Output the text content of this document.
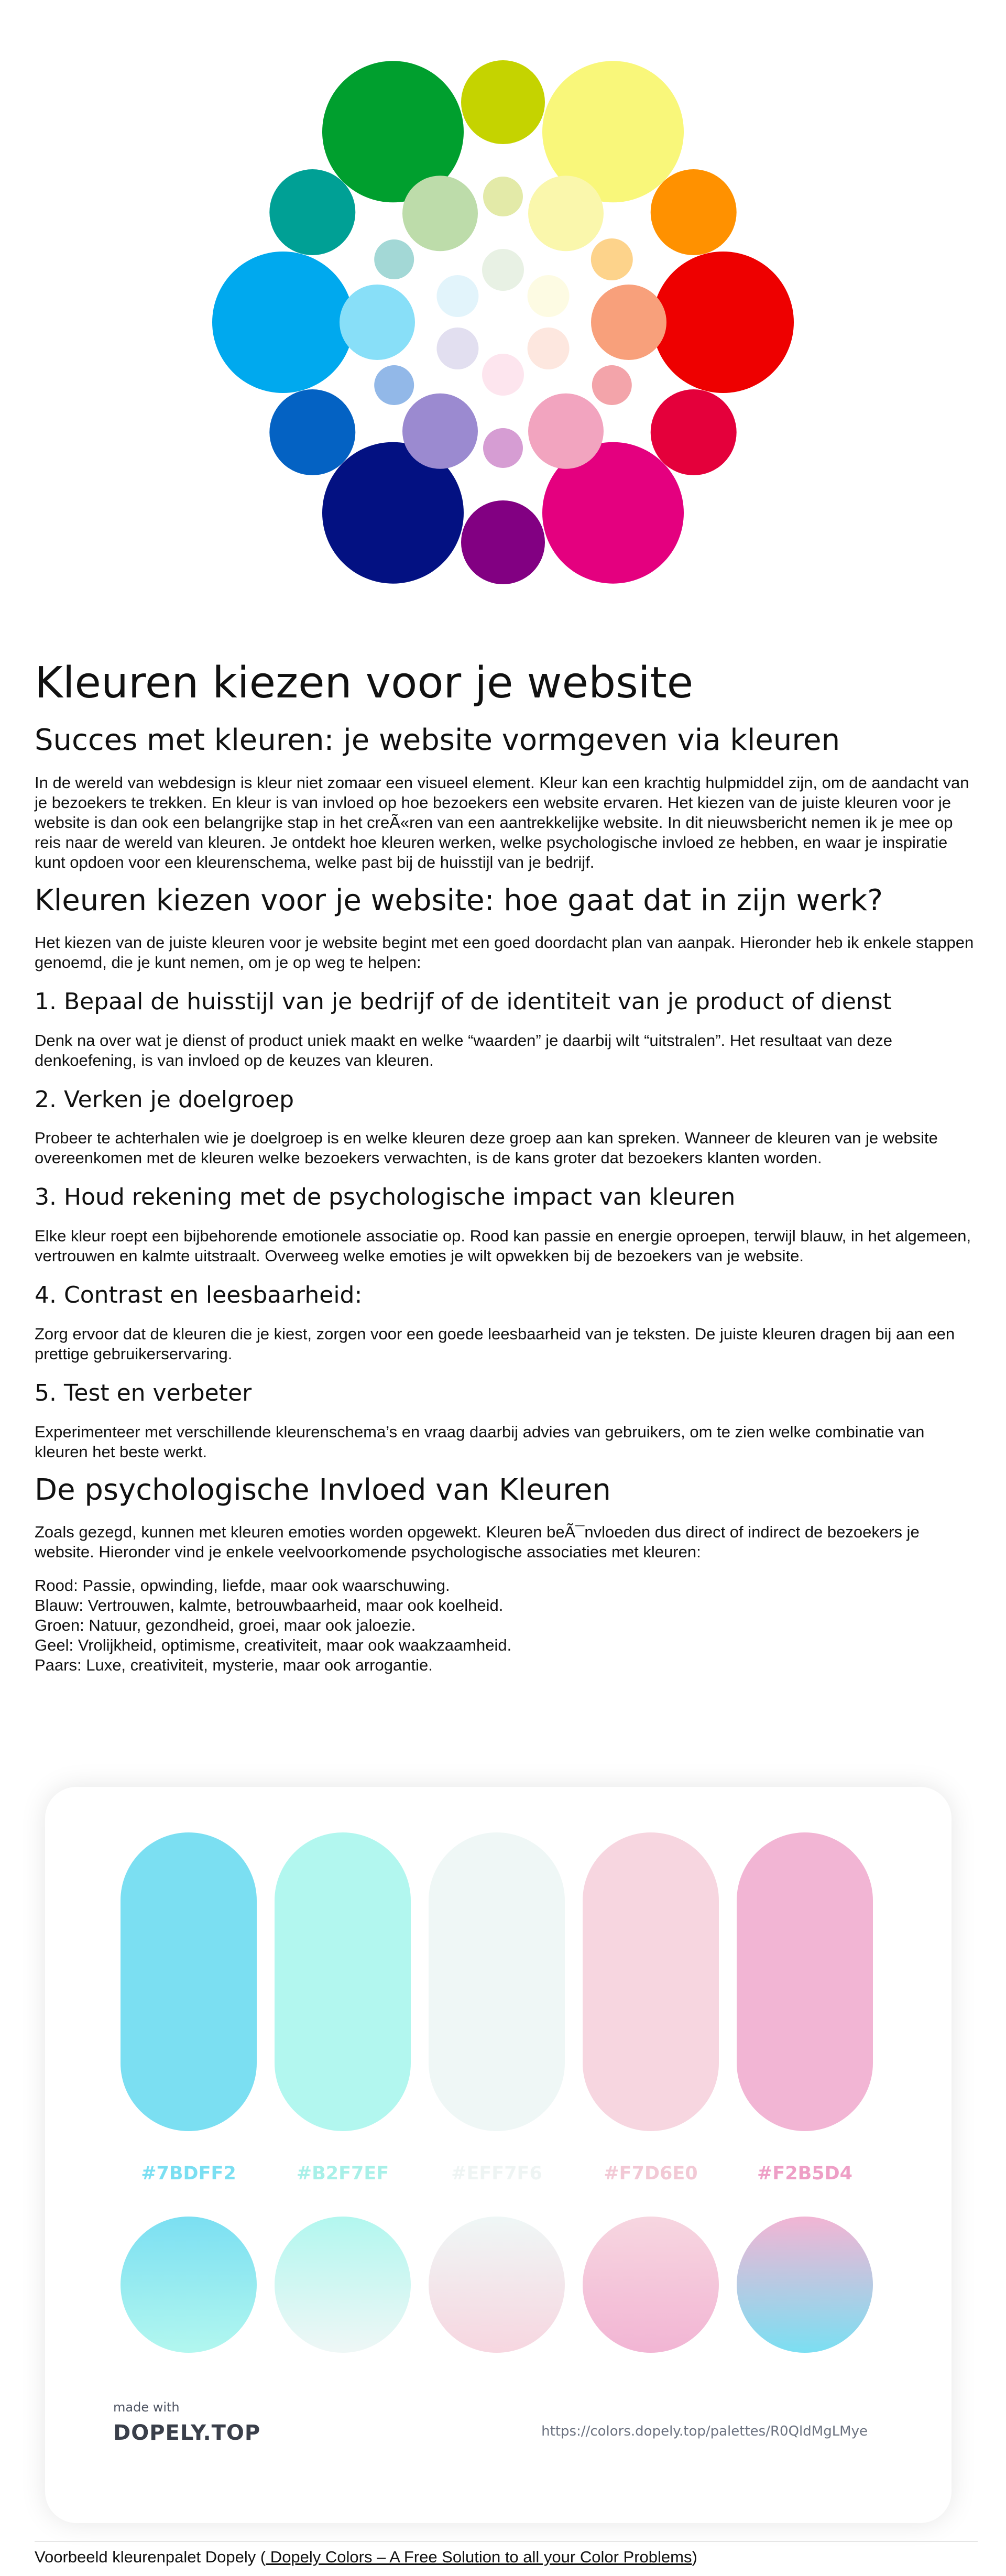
Kleuren kiezen voor je website
Succes met kleuren: je website vormgeven via kleuren

In de wereld van webdesign is kleur niet zomaar een visueel element. Kleur kan een krachtig hulpmiddel zijn, om de aandacht van je bezoekers te trekken. En kleur is van invloed op hoe bezoekers een website ervaren. Het kiezen van de juiste kleuren voor je website is dan ook een belangrijke stap in het creÃ«ren van een aantrekkelijke website. In dit nieuwsbericht nemen ik je mee op reis naar de wereld van kleuren. Je ontdekt hoe kleuren werken, welke psychologische invloed ze hebben, en waar je inspiratie kunt opdoen voor een kleurenschema, welke past bij de huisstijl van je bedrijf.

Kleuren kiezen voor je website: hoe gaat dat in zijn werk?

Het kiezen van de juiste kleuren voor je website begint met een goed doordacht plan van aanpak. Hieronder heb ik enkele stappen genoemd, die je kunt nemen, om je op weg te helpen:

1. Bepaal de huisstijl van je bedrijf of de identiteit van je product of dienst

Denk na over wat je dienst of product uniek maakt en welke “waarden” je daarbij wilt “uitstralen”. Het resultaat van deze denkoefening, is van invloed op de keuzes van kleuren.

2. Verken je doelgroep

Probeer te achterhalen wie je doelgroep is en welke kleuren deze groep aan kan spreken. Wanneer de kleuren van je website overeenkomen met de kleuren welke bezoekers verwachten, is de kans groter dat bezoekers klanten worden.

3. Houd rekening met de psychologische impact van kleuren

Elke kleur roept een bijbehorende emotionele associatie op. Rood kan passie en energie oproepen, terwijl blauw, in het algemeen, vertrouwen en kalmte uitstraalt. Overweeg welke emoties je wilt opwekken bij de bezoekers van je website.

4. Contrast en leesbaarheid:

Zorg ervoor dat de kleuren die je kiest, zorgen voor een goede leesbaarheid van je teksten. De juiste kleuren dragen bij aan een prettige gebruikerservaring.

5. Test en verbeter

Experimenteer met verschillende kleurenschema’s en vraag daarbij advies van gebruikers, om te zien welke combinatie van kleuren het beste werkt.

De psychologische Invloed van Kleuren

Zoals gezegd, kunnen met kleuren emoties worden opgewekt. Kleuren beÃ¯nvloeden dus direct of indirect de bezoekers je website. Hieronder vind je enkele veelvoorkomende psychologische associaties met kleuren:

Rood: Passie, opwinding, liefde, maar ook waarschuwing.
Blauw: Vertrouwen, kalmte, betrouwbaarheid, maar ook koelheid.
Groen: Natuur, gezondheid, groei, maar ook jaloezie.
Geel: Vrolijkheid, optimisme, creativiteit, maar ook waakzaamheid.
Paars: Luxe, creativiteit, mysterie, maar ook arrogantie.
#7BDFF2	#B2F7EF	#EFF7F6	#F7D6E0	#F2B5D4
made with
DOPELY.TOP	https://colors.dopely.top/palettes/R0QldMgLMye
Voorbeeld kleurenpalet Dopely ( Dopely Colors – A Free Solution to all your Color Problems)
